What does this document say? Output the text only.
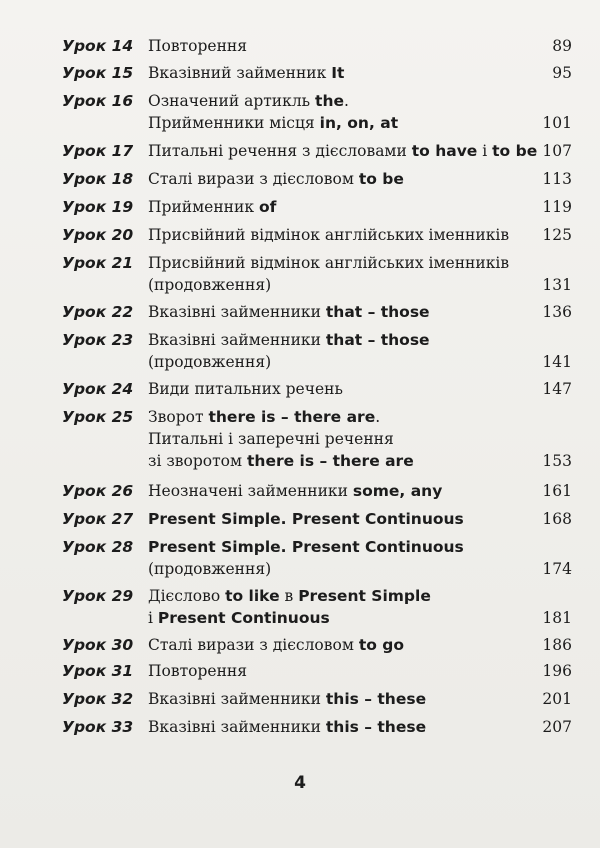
Урок 14 Повторення	89
Урок 15 Вказівний займенник It	95
Урок 16 Означений артикль the.
Прийменники місця in, on, at	101
Урок 17 Питальні речення з дієсловами to have і to be 107
Урок 18 Сталі вирази з дієсловом to be	113
Урок 19 Прийменник of	119
Урок 20 Присвійний відмінок англійських іменників	125
Урок 21 Присвійний відмінок англійських іменників
(продовження)	131
Урок 22 Вказівні займенники that – those	136
Урок 23 Вказівні займенники that – those
(продовження)	141
Урок 24 Види питальних речень	147
Урок 25 Зворот there is – there are.
Питальні і заперечні речення
зі зворотом there is – there are	153
Урок 26 Неозначені займенники some, any	161
Урок 27 Present Simple. Present Continuous	168
Урок 28 Present Simple. Present Continuous
(продовження)	174
Урок 29 Дієслово to like в Present Simple
і Present Continuous	181
Урок 30 Сталі вирази з дієсловом to go	186
Урок 31 Повторення	196
Урок 32 Вказівні займенники this – these	201
Урок 33 Вказівні займенники this – these	207
4
